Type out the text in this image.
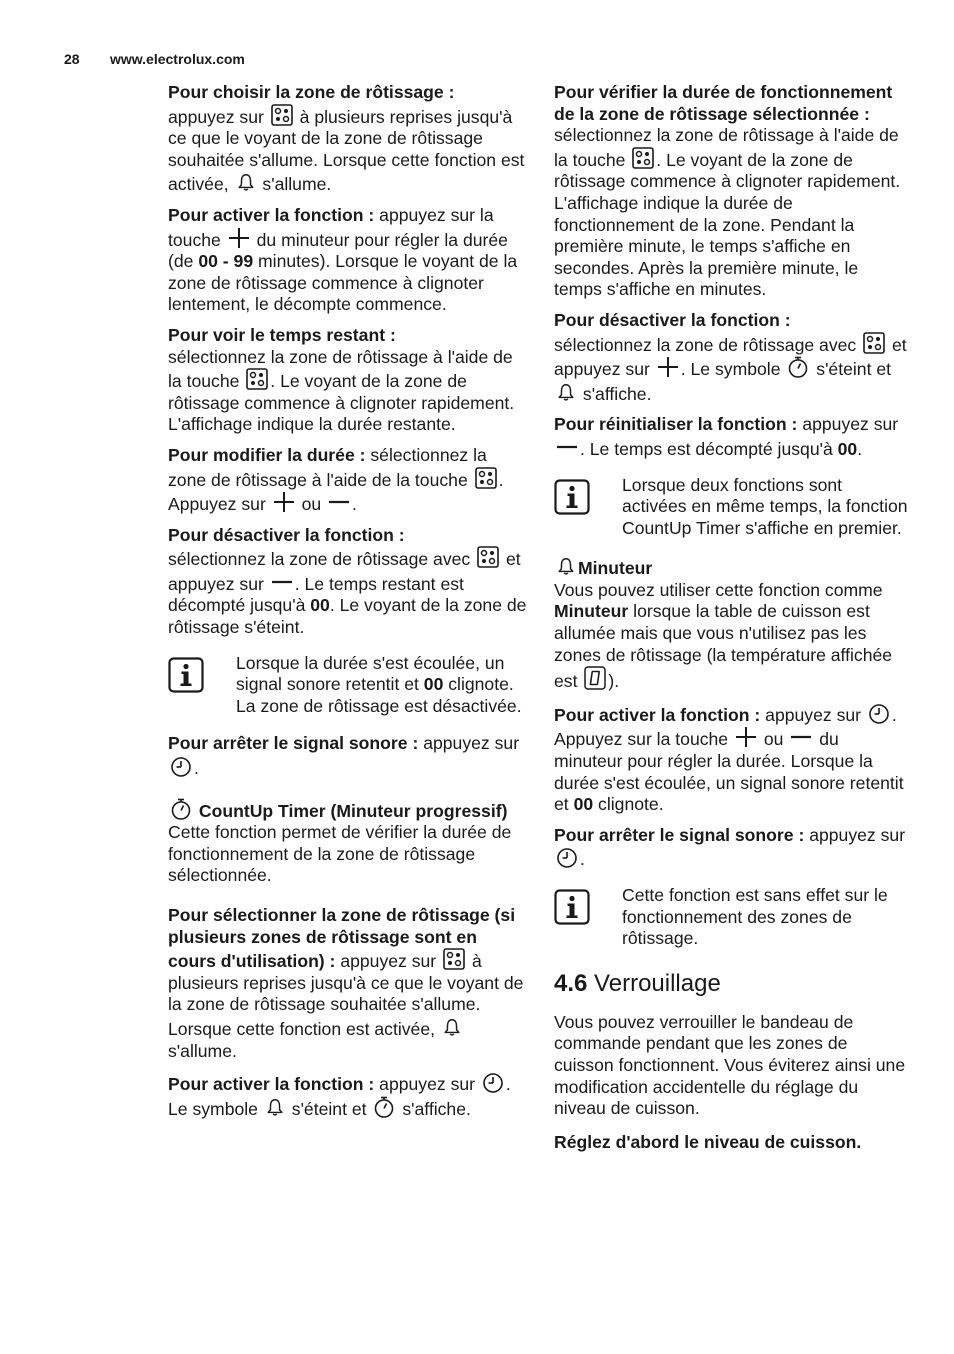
28 www.electrolux.com

Pour choisir la zone de rôtissage :

appuyez sur à plusieurs reprises jusqu'à ce que le voyant de la zone de rôtissage souhaitée s'allume. Lorsque cette fonction est activée, s'allume.

Pour activer la fonction : appuyez sur la touche du minuteur pour régler la durée (de 00 - 99 minutes). Lorsque le voyant de la zone de rôtissage commence à clignoter lentement, le décompte commence.

Pour voir le temps restant :

sélectionnez la zone de rôtissage à l'aide de la touche . Le voyant de la zone de rôtissage commence à clignoter rapidement. L'affichage indique la durée restante.

Pour modifier la durée : sélectionnez la zone de rôtissage à l'aide de la touche . Appuyez sur ou .

Pour désactiver la fonction :

sélectionnez la zone de rôtissage avec et appuyez sur . Le temps restant est décompté jusqu'à 00. Le voyant de la zone de rôtissage s'éteint.

Lorsque la durée s'est écoulée, un signal sonore retentit et 00 clignote. La zone de rôtissage est désactivée.

Pour arrêter le signal sonore : appuyez sur
.

CountUp Timer (Minuteur progressif)

Cette fonction permet de vérifier la durée de fonctionnement de la zone de rôtissage sélectionnée.

Pour sélectionner la zone de rôtissage (si plusieurs zones de rôtissage sont en cours d'utilisation) : appuyez sur à plusieurs reprises jusqu'à ce que le voyant de la zone de rôtissage souhaitée s'allume. Lorsque cette fonction est activée,
s'allume.

Pour activer la fonction : appuyez sur . Le symbole s'éteint et s'affiche.

Pour vérifier la durée de fonctionnement de la zone de rôtissage sélectionnée : sélectionnez la zone de rôtissage à l'aide de la touche . Le voyant de la zone de rôtissage commence à clignoter rapidement. L'affichage indique la durée de fonctionnement de la zone. Pendant la première minute, le temps s'affiche en secondes. Après la première minute, le temps s'affiche en minutes.

Pour désactiver la fonction :

sélectionnez la zone de rôtissage avec et appuyez sur . Le symbole s'éteint et
s'affiche.

Pour réinitialiser la fonction : appuyez sur
. Le temps est décompté jusqu'à 00.

Lorsque deux fonctions sont activées en même temps, la fonction CountUp Timer s'affiche en premier.
Minuteur

Vous pouvez utiliser cette fonction comme Minuteur lorsque la table de cuisson est allumée mais que vous n'utilisez pas les zones de rôtissage (la température affichée est ).

Pour activer la fonction : appuyez sur . Appuyez sur la touche ou du minuteur pour régler la durée. Lorsque la durée s'est écoulée, un signal sonore retentit et 00 clignote.

Pour arrêter le signal sonore : appuyez sur
.

Cette fonction est sans effet sur le fonctionnement des zones de rôtissage.
4.6 Verrouillage

Vous pouvez verrouiller le bandeau de commande pendant que les zones de cuisson fonctionnent. Vous éviterez ainsi une modification accidentelle du réglage du niveau de cuisson.

Réglez d'abord le niveau de cuisson.
